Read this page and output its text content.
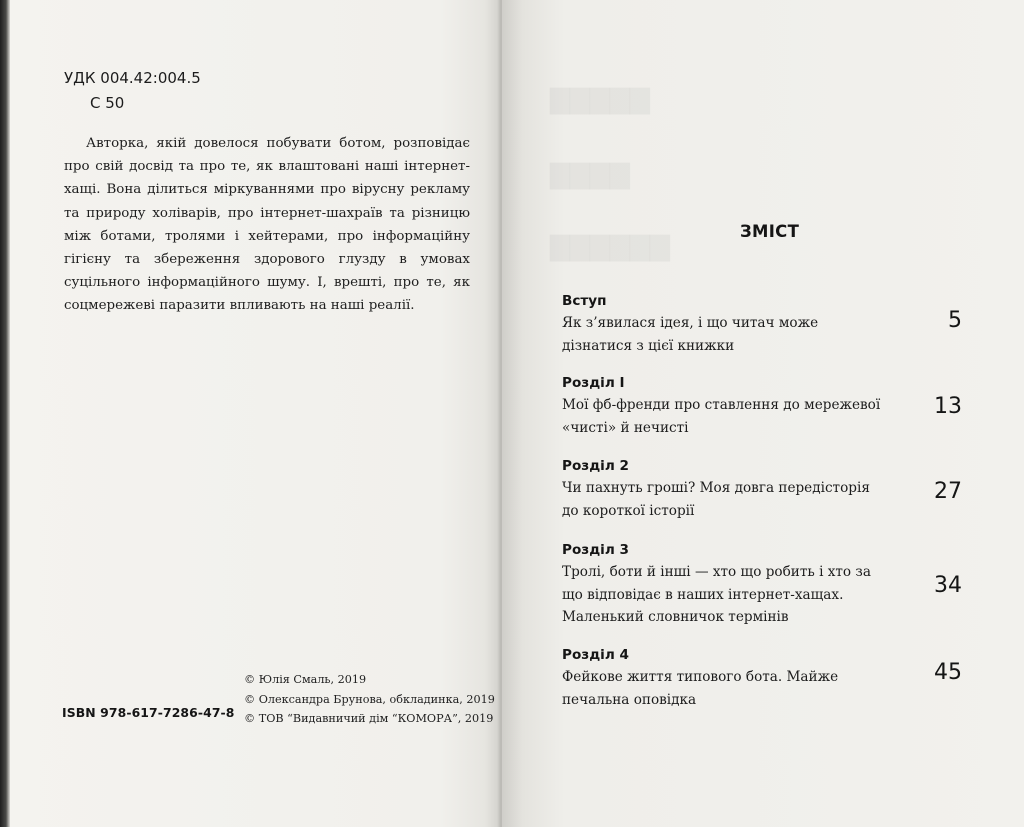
УДК 004.42:004.5
С 50

Авторка, якій довелося побувати ботом, розповідає про свій досвід та про те, як влаштовані наші інтернет-хащі. Вона ділиться міркуваннями про вірусну рекламу та природу холіварів, про інтернет-шахраїв та різницю між ботами, тролями і хейтерами, про інформаційну гігієну та збереження здорового глузду в умовах суцільного інформаційного шуму. І, врешті, про те, як соцмережеві паразити впливають на наші реалії.

© Юлія Смаль, 2019
© Олександра Брунова, обкладинка, 2019
© ТОВ “Видавничий дім “КОМОРА”, 2019
ISBN 978-617-7286-47-8
ЗМІСТ
Вступ
Як з’явилася ідея, і що читач може
дізнатися з цієї книжки
5
Розділ І
Мої фб-френди про ставлення до мережевої
«чисті» й нечисті
13
Розділ 2
Чи пахнуть гроші? Моя довга передісторія
до короткої історії
27
Розділ 3
Тролі, боти й інші — хто що робить і хто за
що відповідає в наших інтернет-хащах.
Маленький словничок термінів
34
Розділ 4
Фейкове життя типового бота. Майже
печальна оповідка
45
